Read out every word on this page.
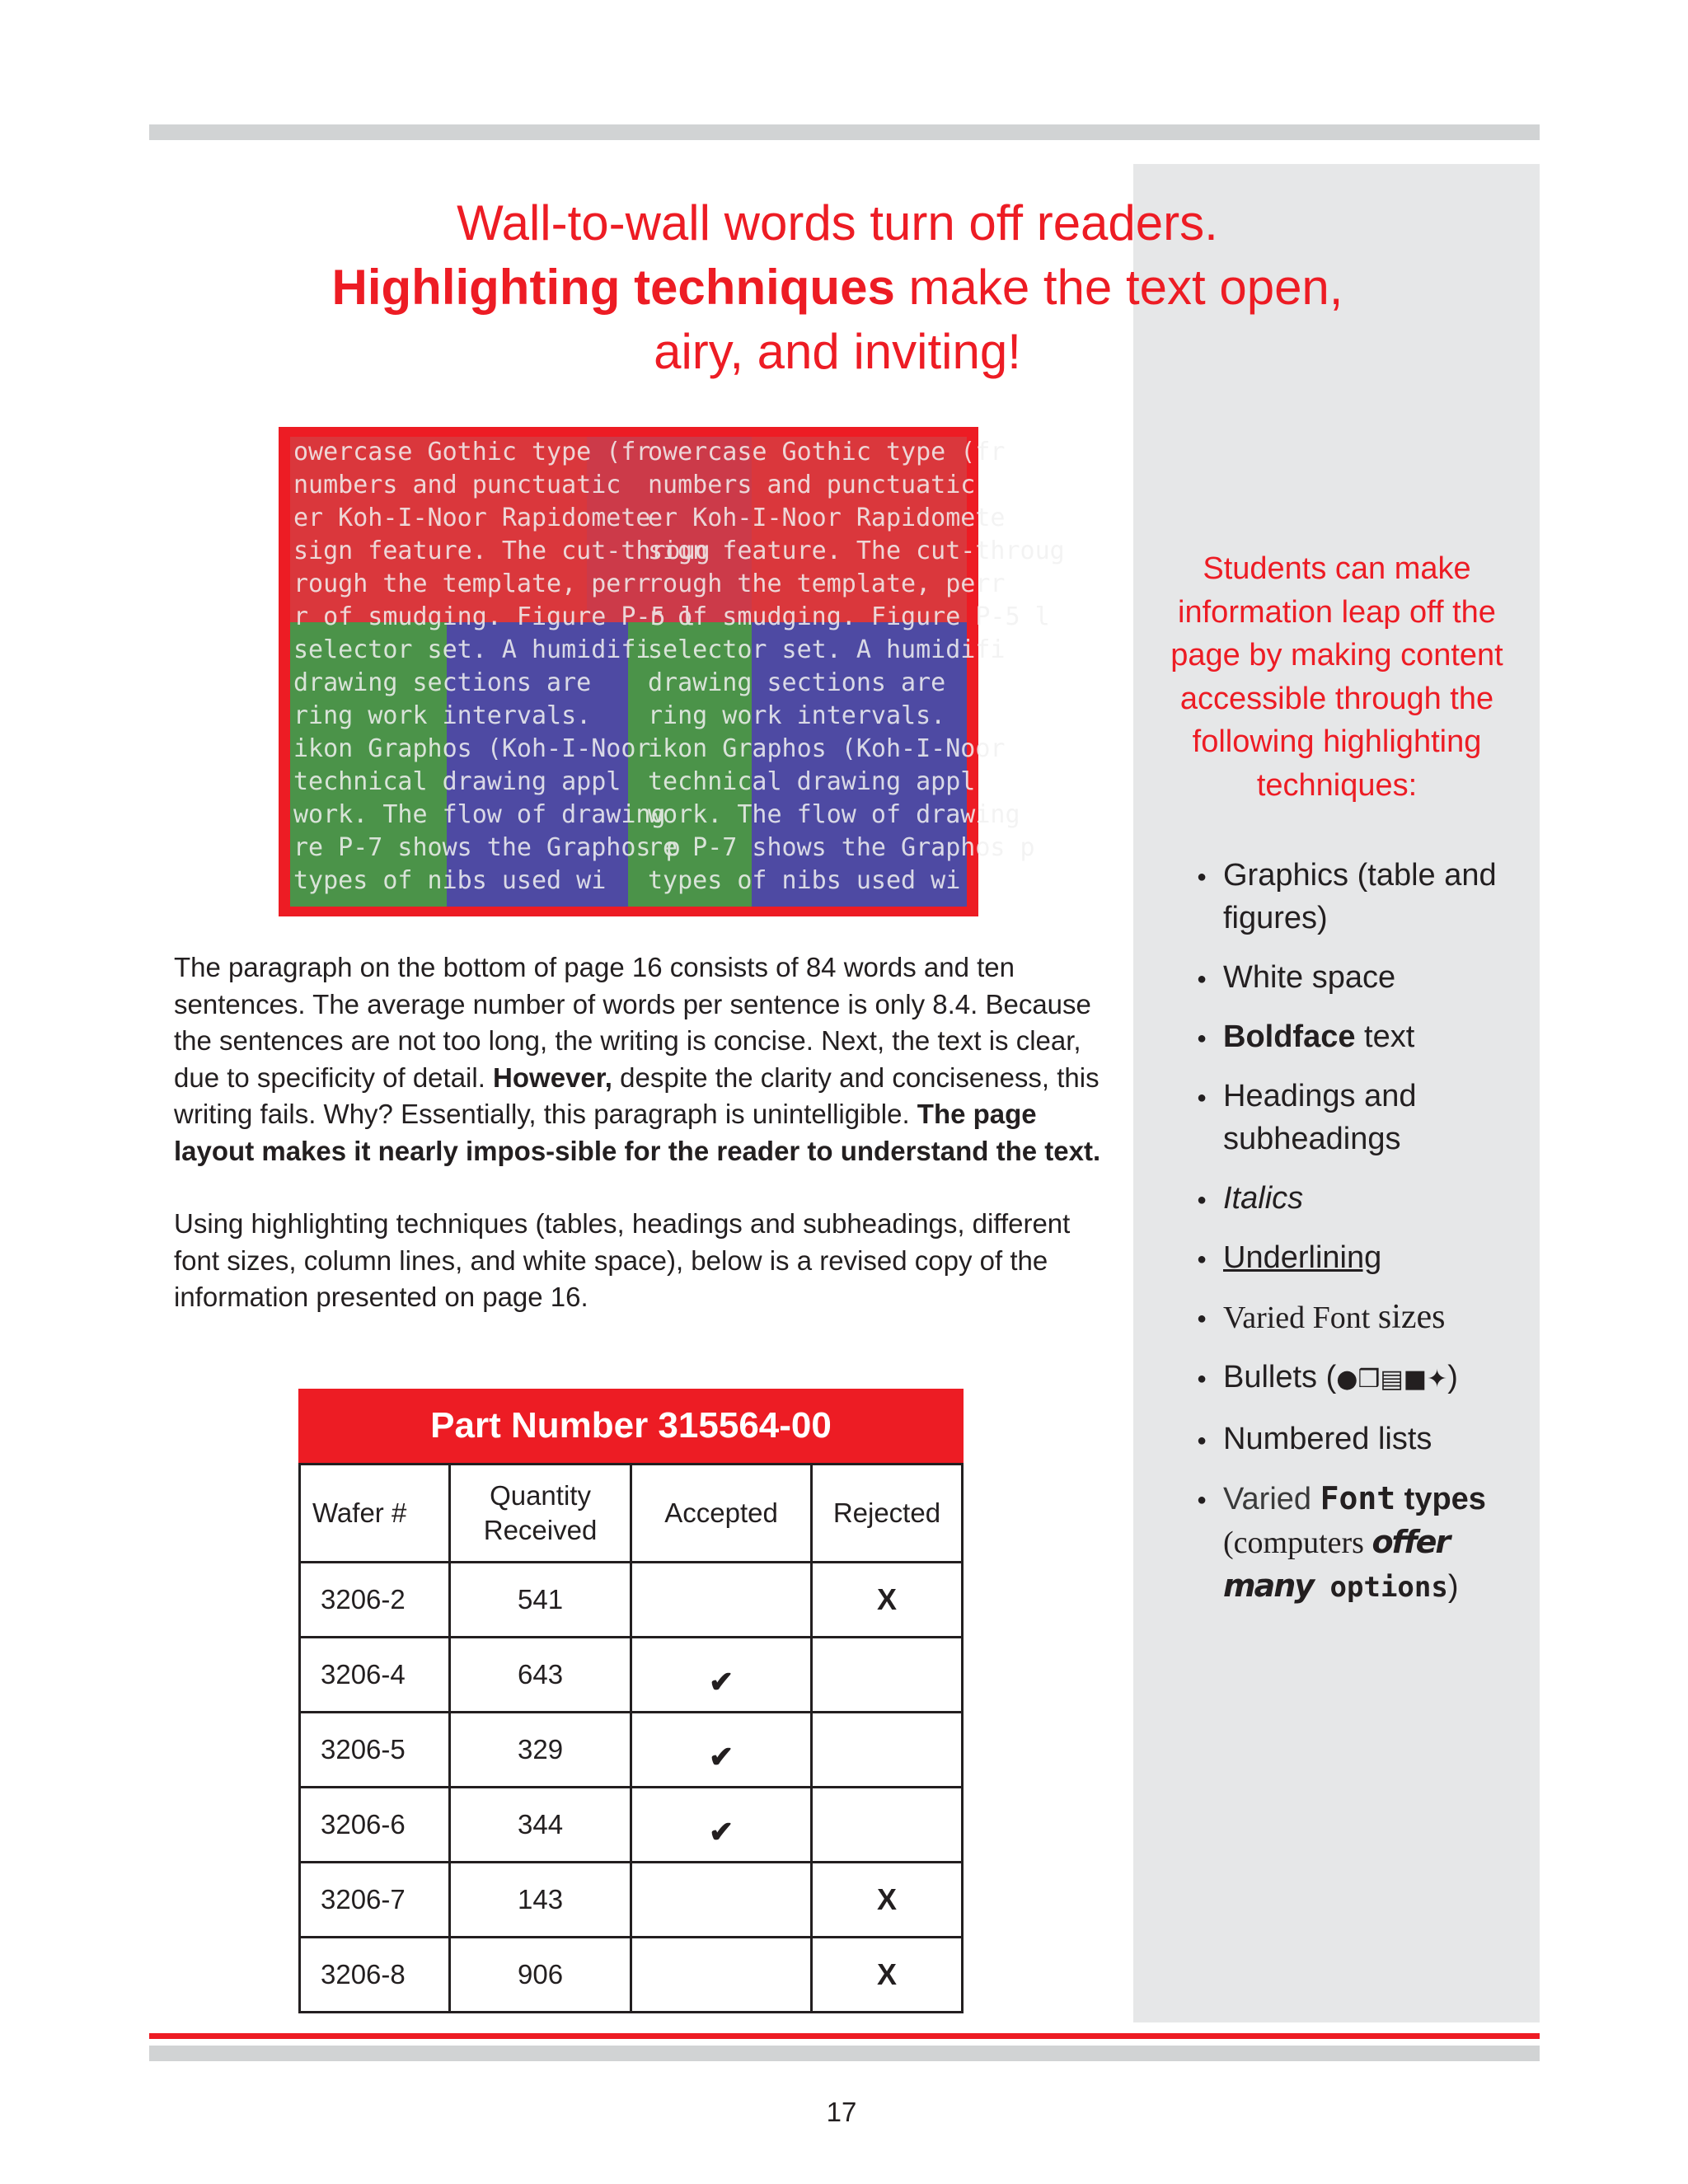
Wall-to-wall words turn off readers.
Highlighting techniques make the text open,
airy, and inviting!
owercase Gothic type (fr
owercase Gothic type (fr
numbers and punctuatic numbers and punctuatic
er Koh-I-Noor Rapidomete
er Koh-I-Noor Rapidomete
sign feature. The cut-throug
sign feature. The cut-throug
rough the template, perr
rough the template, perr
r of smudging. Figure P-5 l
r of smudging. Figure P-5 l
selector set. A humidifi
selector set. A humidifi
drawing sections are drawing sections are
ring work intervals. ring work intervals.
ikon Graphos (Koh-I-Noor
ikon Graphos (Koh-I-Noor
technical drawing appl technical drawing appl
work. The flow of drawing
work. The flow of drawing
re P-7 shows the Graphos p
re P-7 shows the Graphos p
types of nibs used wi types of nibs used wi

The paragraph on the bottom of page 16 consists of 84 words and ten sentences. The average number of words per sentence is only 8.4. Because the sentences are not too long, the writing is concise. Next, the text is clear, due to specificity of detail. However, despite the clarity and conciseness, this writing fails. Why? Essentially, this paragraph is unintelligible. The page layout makes it nearly impos-sible for the reader to understand the text.

Using highlighting techniques (tables, headings and subheadings, different font sizes, column lines, and white space), below is a revised copy of the information presented on page 16.

Part Number 315564-00
Wafer #	Quantity Received	Accepted	Rejected
3206-2	541		X
3206-4	643	✔	
3206-5	329	✔	
3206-6	344	✔	
3206-7	143		X
3206-8	906		X
Students can make information leap off the page by making content accessible through the following highlighting techniques:
● Graphics (table and figures)
● White space
● Boldface text
● Headings and subheadings
● Italics
● Underlining
● Varied Font sizes
● Bullets (●❒▤■✦)
● Numbered lists
● Varied Font types
(computers offer
many options)
17
